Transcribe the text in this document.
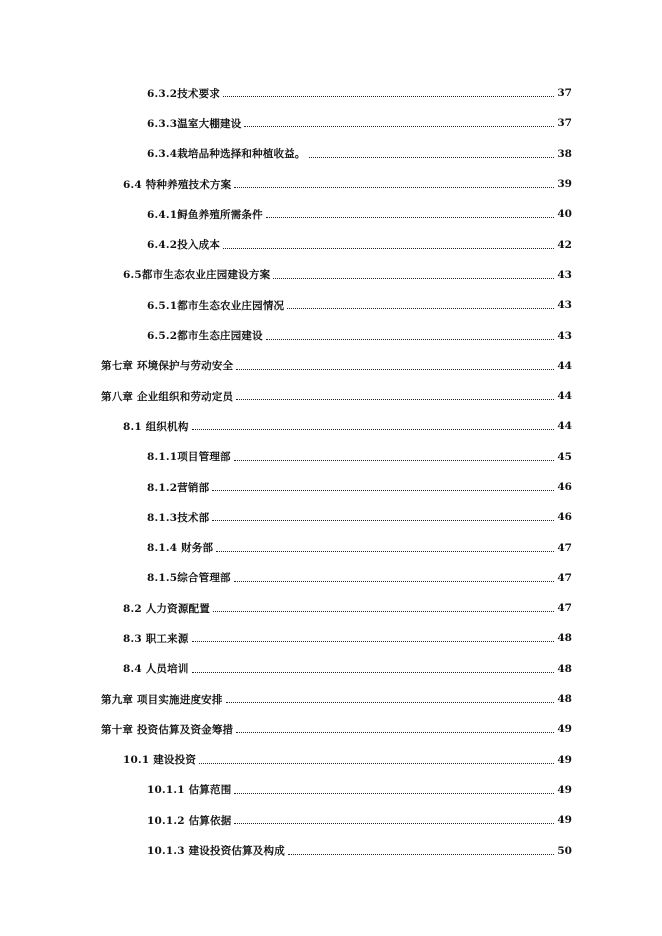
6.3.2技术要求	37
6.3.3温室大棚建设	37
6.3.4栽培品种选择和种植收益。	38
6.4 特种养殖技术方案	39
6.4.1鲟鱼养殖所需条件	40
6.4.2投入成本	42
6.5都市生态农业庄园建设方案	43
6.5.1都市生态农业庄园情况	43
6.5.2都市生态庄园建设	43
第七章 环境保护与劳动安全	44
第八章 企业组织和劳动定员	44
8.1 组织机构	44
8.1.1项目管理部	45
8.1.2营销部	46
8.1.3技术部	46
8.1.4 财务部	47
8.1.5综合管理部	47
8.2 人力资源配置	47
8.3 职工来源	48
8.4 人员培训	48
第九章 项目实施进度安排	48
第十章 投资估算及资金筹措	49
10.1 建设投资	49
10.1.1 估算范围	49
10.1.2 估算依据	49
10.1.3 建设投资估算及构成	50
